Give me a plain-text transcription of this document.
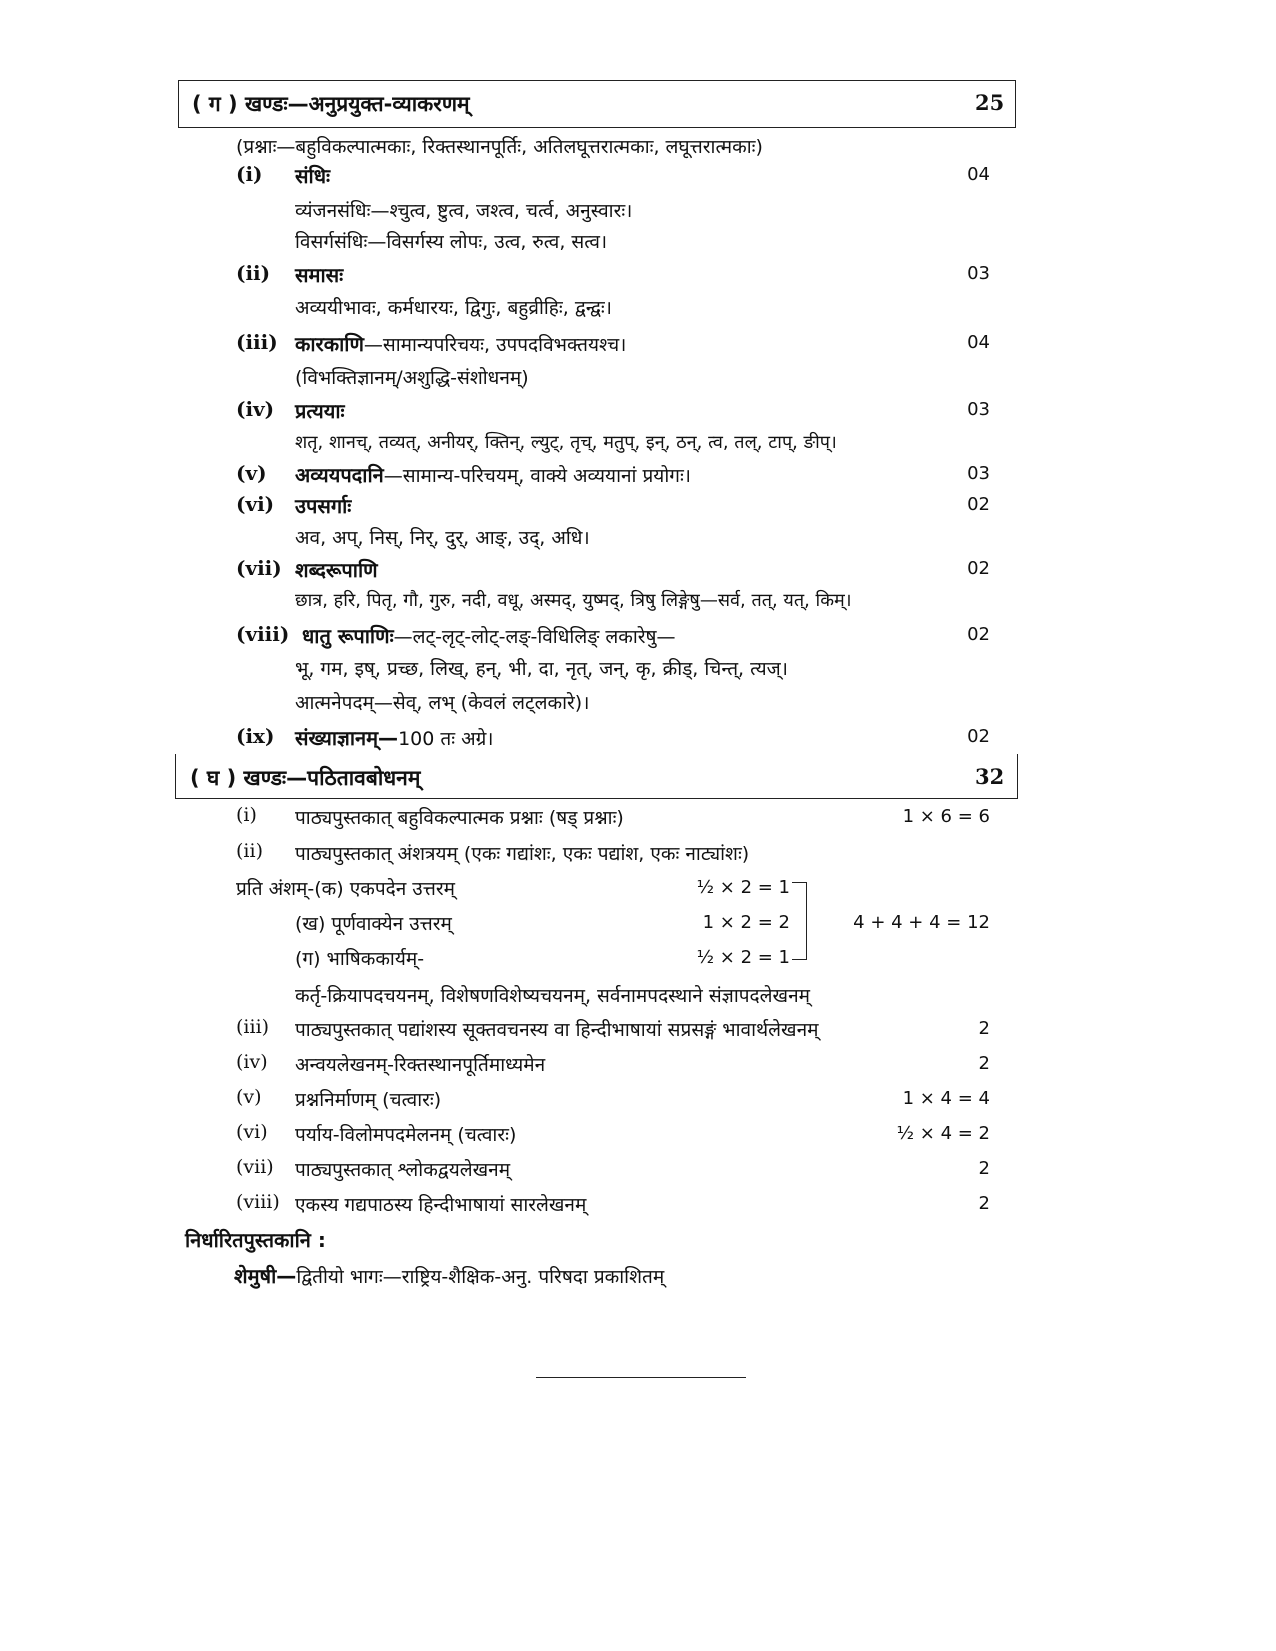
( ग ) खण्डः—अनुप्रयुक्त-व्याकरणम्	25
(प्रश्नाः—बहुविकल्पात्मकाः, रिक्तस्थानपूर्तिः, अतिलघूत्तरात्मकाः, लघूत्तरात्मकाः)
(i) संधिः	04
व्यंजनसंधिः—श्चुत्व, ष्टुत्व, जश्त्व, चर्त्व, अनुस्वारः।
विसर्गसंधिः—विसर्गस्य लोपः, उत्व, रुत्व, सत्व।
(ii) समासः	03
अव्ययीभावः, कर्मधारयः, द्विगुः, बहुव्रीहिः, द्वन्द्वः।
(iii) कारकाणि—सामान्यपरिचयः, उपपदविभक्तयश्च।	04
(विभक्तिज्ञानम्/अशुद्धि-संशोधनम्)
(iv) प्रत्ययाः	03
शतृ, शानच्, तव्यत्, अनीयर्, क्तिन्, ल्युट्, तृच्, मतुप्, इन्, ठन्, त्व, तल्, टाप्, ङीप्।
(v) अव्ययपदानि—सामान्य-परिचयम्, वाक्ये अव्ययानां प्रयोगः।	03
(vi) उपसर्गाः	02
अव, अप्, निस्, निर्, दुर्, आङ्, उद्, अधि।
(vii) शब्दरूपाणि	02
छात्र, हरि, पितृ, गौ, गुरु, नदी, वधू, अस्मद्, युष्मद्, त्रिषु लिङ्गेषु—सर्व, तत्, यत्, किम्।
(viii) धातु रूपाणिः—लट्-लृट्-लोट्-लङ्-विधिलिङ् लकारेषु—	02
भू, गम, इष्, प्रच्छ, लिख्, हन्, भी, दा, नृत्, जन्, कृ, क्रीड्, चिन्त्, त्यज्।
आत्मनेपदम्—सेव्, लभ् (केवलं लट्लकारे)।
(ix) संख्याज्ञानम्—100 तः अग्रे।	02
( घ ) खण्डः—पठितावबोधनम्	32
(i) पाठ्यपुस्तकात् बहुविकल्पात्मक प्रश्नाः (षड् प्रश्नाः)	1 × 6 = 6
(ii) पाठ्यपुस्तकात् अंशत्रयम् (एकः गद्यांशः, एकः पद्यांश, एकः नाट्यांशः)
प्रति अंशम्-(क) एकपदेन उत्तरम्	½ × 2 = 1
(ख) पूर्णवाक्येन उत्तरम्	1 × 2 = 2
(ग) भाषिककार्यम्-	½ × 2 = 1
4 + 4 + 4 = 12
कर्तृ-क्रियापदचयनम्, विशेषणविशेष्यचयनम्, सर्वनामपदस्थाने संज्ञापदलेखनम्
(iii) पाठ्यपुस्तकात् पद्यांशस्य सूक्तवचनस्य वा हिन्दीभाषायां सप्रसङ्गं भावार्थलेखनम्	2
(iv) अन्वयलेखनम्-रिक्तस्थानपूर्तिमाध्यमेन	2
(v) प्रश्ननिर्माणम् (चत्वारः)	1 × 4 = 4
(vi) पर्याय-विलोमपदमेलनम् (चत्वारः)	½ × 4 = 2
(vii) पाठ्यपुस्तकात् श्लोकद्वयलेखनम्	2
(viii) एकस्य गद्यपाठस्य हिन्दीभाषायां सारलेखनम्	2
निर्धारितपुस्तकानि :
शेमुषी—द्वितीयो भागः—राष्ट्रिय-शैक्षिक-अनु. परिषदा प्रकाशितम्
